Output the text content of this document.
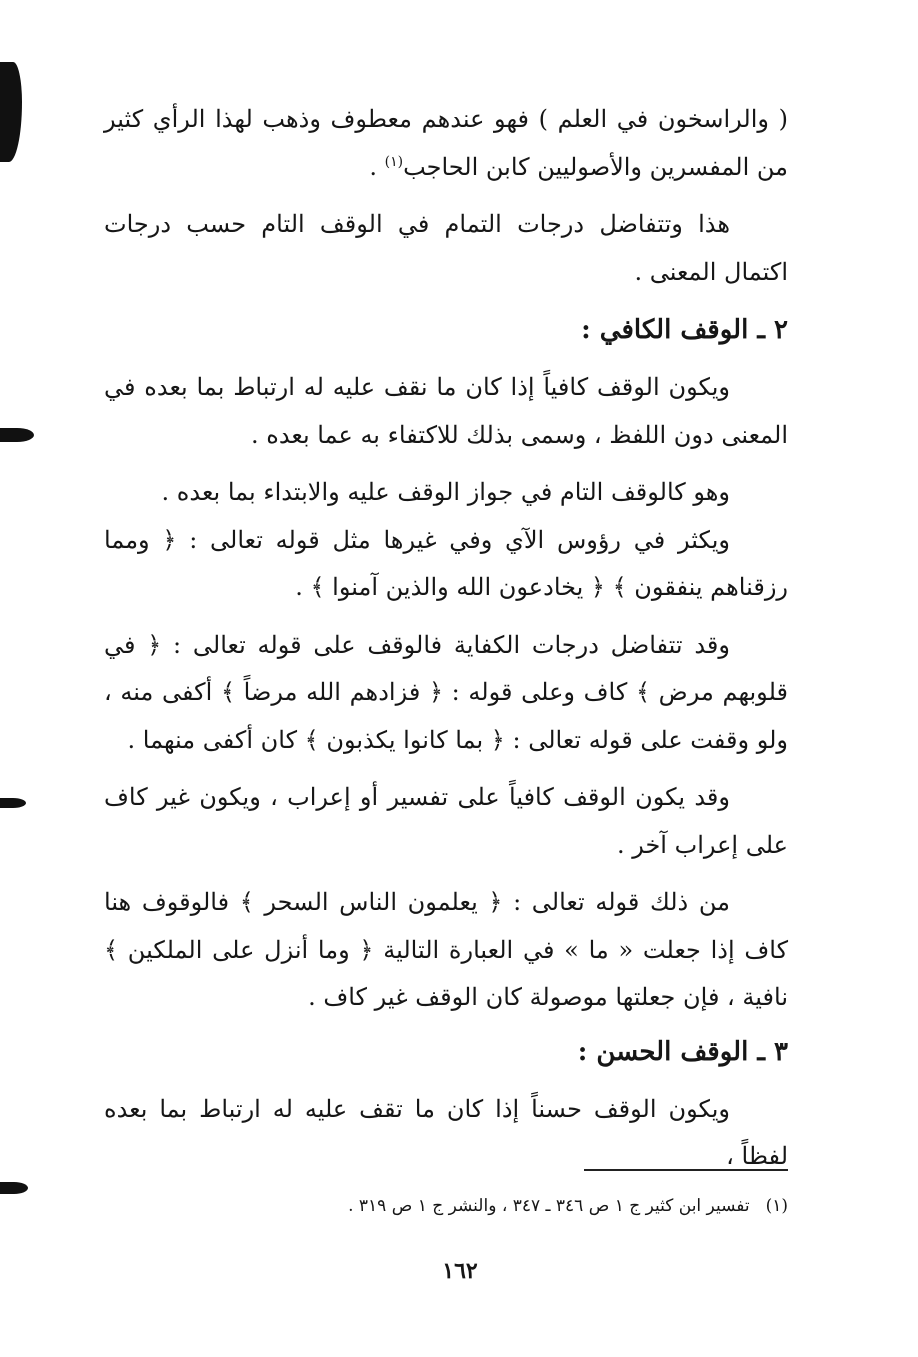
( والراسخون في العلم ) فهو عندهم معطوف وذهب لهذا الرأي كثير من المفسرين والأصوليين كابن الحاجب$^{(١)}$ .

هذا وتتفاضل درجات التمام في الوقف التام حسب درجات اكتمال المعنى .

٢ ـ الوقف الكافي :

ويكون الوقف كافياً إذا كان ما نقف عليه له ارتباط بما بعده في المعنى دون اللفظ ، وسمى بذلك للاكتفاء به عما بعده .

وهو كالوقف التام في جواز الوقف عليه والابتداء بما بعده .

ويكثر في رؤوس الآي وفي غيرها مثل قوله تعالى : ﴿ ومما رزقناهم ينفقون ﴾ ﴿ يخادعون الله والذين آمنوا ﴾ .

وقد تتفاضل درجات الكفاية فالوقف على قوله تعالى : ﴿ في قلوبهم مرض ﴾ كاف وعلى قوله : ﴿ فزادهم الله مرضاً ﴾ أكفى منه ، ولو وقفت على قوله تعالى : ﴿ بما كانوا يكذبون ﴾ كان أكفى منهما .

وقد يكون الوقف كافياً على تفسير أو إعراب ، ويكون غير كاف على إعراب آخر .

من ذلك قوله تعالى : ﴿ يعلمون الناس السحر ﴾ فالوقوف هنا كاف إذا جعلت « ما » في العبارة التالية ﴿ وما أنزل على الملكين ﴾ نافية ، فإن جعلتها موصولة كان الوقف غير كاف .

٣ ـ الوقف الحسن :

ويكون الوقف حسناً إذا كان ما تقف عليه له ارتباط بما بعده لفظاً ،

(١)تفسير ابن كثير ج ١ ص ٣٤٦ ـ ٣٤٧ ، والنشر ج ١ ص ٣١٩ .
١٦٢
